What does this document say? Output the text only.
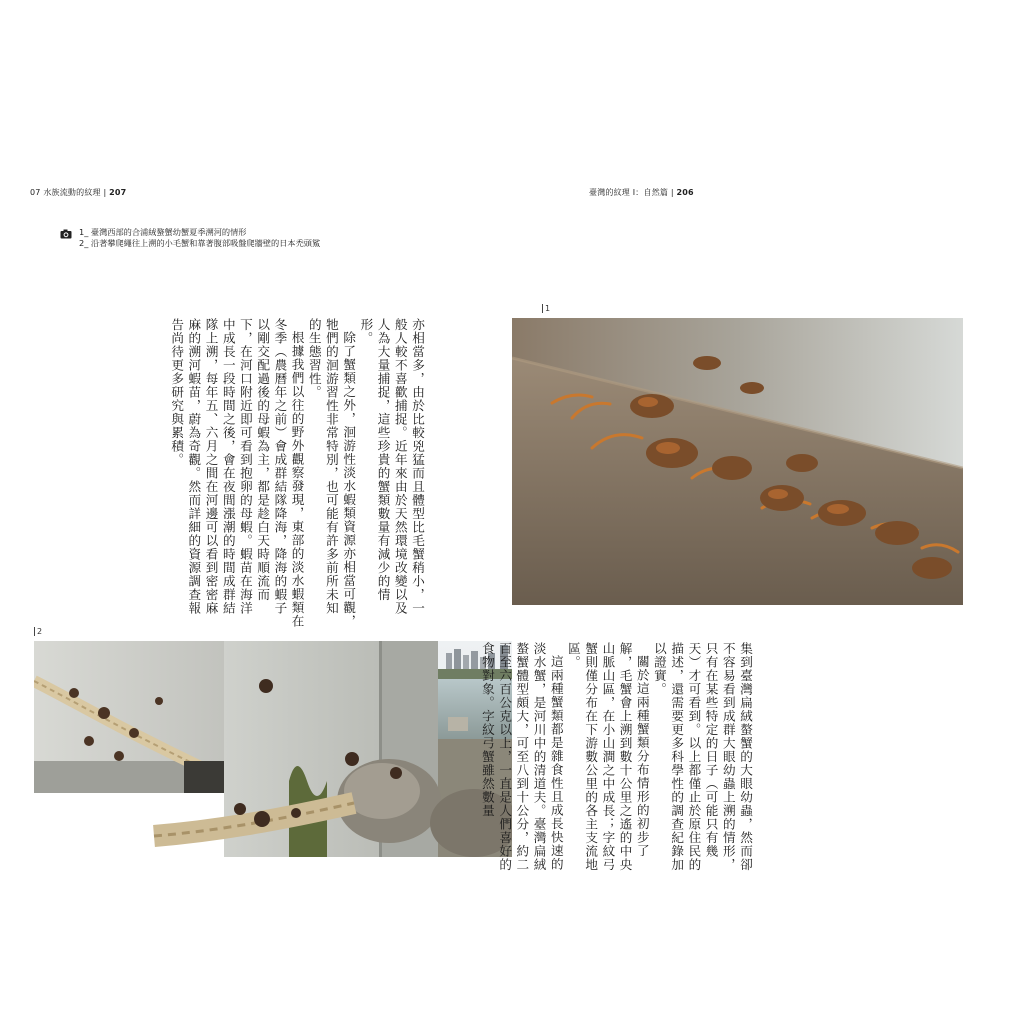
07 水族流動的紋理 | 207
1_ 臺灣西部的合浦絨螯蟹幼蟹夏季溯河的情形
2_ 沿著攀爬繩往上溯的小毛蟹和靠著腹部吸盤爬牆壁的日本禿頭鯊

亦相當多，由於比較兇猛而且體型比毛蟹稍小，一般人較不喜歡捕捉。近年來由於天然環境改變以及人為大量捕捉，這些珍貴的蟹類數量有減少的情形。

除了蟹類之外，洄游性淡水蝦類資源亦相當可觀，牠們的洄游習性非常特別，也可能有許多前所未知的生態習性。

根據我們以往的野外觀察發現，東部的淡水蝦類在冬季（農曆年之前）會成群結隊降海，降海的蝦子以剛交配過後的母蝦為主，都是趁白天時順流而下，在河口附近即可看到抱卵的母蝦。蝦苗在海洋中成長一段時間之後，會在夜間漲潮的時間成群結隊上溯，每年五、六月之間在河邊可以看到密密麻麻的溯河蝦苗，蔚為奇觀。然而詳細的資源調查報告尚待更多研究與累積。

2
臺灣的紋理 I：自然篇 | 206
1

集到臺灣扁絨螯蟹的大眼幼蟲，然而卻不容易看到成群大眼幼蟲上溯的情形，只有在某些特定的日子（可能只有幾天）才可看到。以上都僅止於原住民的描述，還需要更多科學性的調查紀錄加以證實。

關於這兩種蟹類分布情形的初步了解，毛蟹會上溯到數十公里之遙的中央山脈山區，在小山澗之中成長；字紋弓蟹則僅分布在下游數公里的各主支流地區。

這兩種蟹類都是雜食性且成長快速的淡水蟹，是河川中的清道夫。臺灣扁絨螯蟹體型頗大，可至八到十公分，約二百至六百公克以上，一直是人們喜好的食物對象。字紋弓蟹雖然數量
